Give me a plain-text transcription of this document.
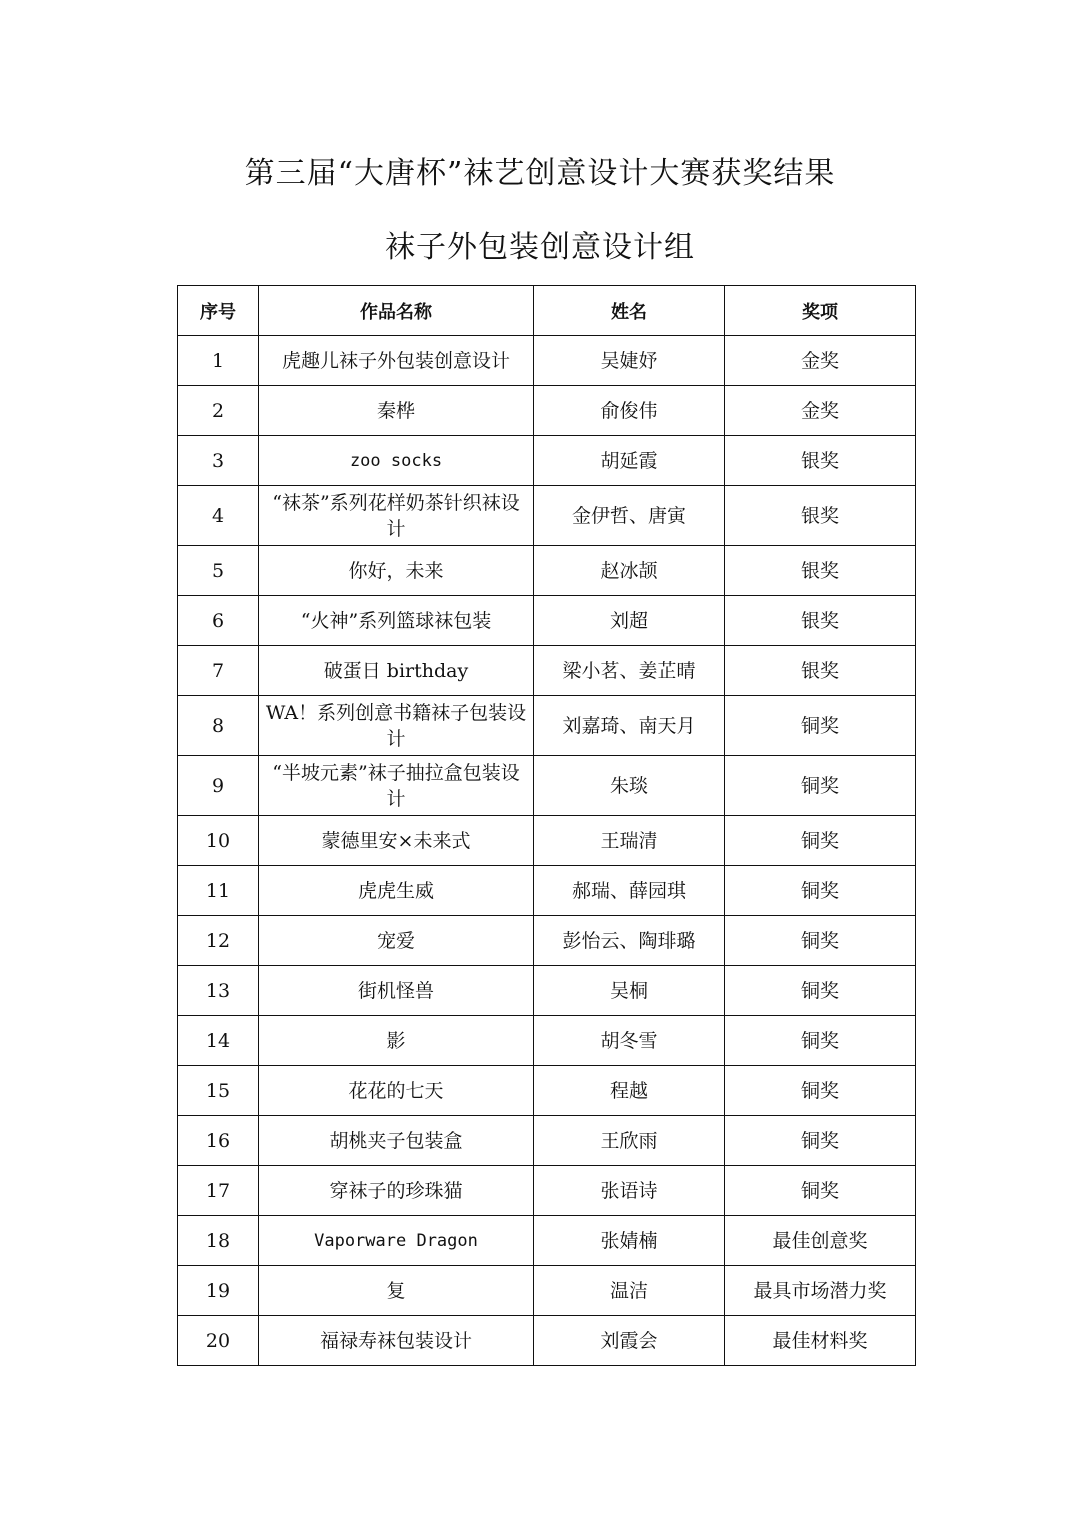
第三届“大唐杯”袜艺创意设计大赛获奖结果
袜子外包装创意设计组
序号	作品名称	姓名	奖项
1	虎趣儿袜子外包装创意设计	吴婕妤	金奖
2	秦桦	俞俊伟	金奖
3	zoo socks	胡延霞	银奖
4	“袜茶”系列花样奶茶针织袜设计	金伊哲、唐寅	银奖
5	你好，未来	赵冰颉	银奖
6	“火神”系列篮球袜包装	刘超	银奖
7	破蛋日 birthday	梁小茗、姜芷晴	银奖
8	WA！系列创意书籍袜子包装设计	刘嘉琦、南天月	铜奖
9	“半坡元素”袜子抽拉盒包装设计	朱琰	铜奖
10	蒙德里安×未来式	王瑞清	铜奖
11	虎虎生威	郝瑞、薛园琪	铜奖
12	宠爱	彭怡云、陶琲璐	铜奖
13	街机怪兽	吴桐	铜奖
14	影	胡冬雪	铜奖
15	花花的七天	程越	铜奖
16	胡桃夹子包装盒	王欣雨	铜奖
17	穿袜子的珍珠猫	张语诗	铜奖
18	Vaporware Dragon	张婧楠	最佳创意奖
19	复	温洁	最具市场潜力奖
20	福禄寿袜包装设计	刘霞会	最佳材料奖
